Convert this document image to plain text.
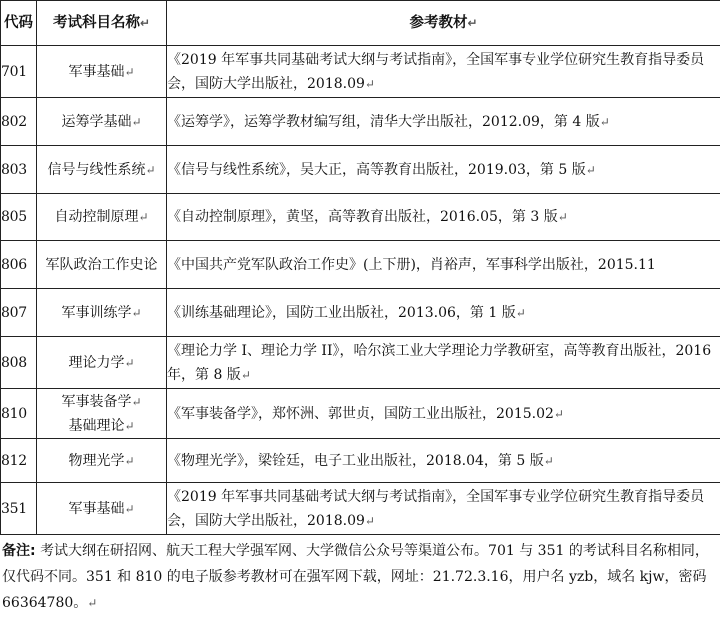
代码	考试科目名称↵	参考教材↵
701	军事基础↵	《2019 年军事共同基础考试大纲与考试指南》，全国军事专业学位研究生教育指导委员会，国防大学出版社，2018.09↵
802	运筹学基础↵	《运筹学》，运筹学教材编写组，清华大学出版社，2012.09，第 4 版↵
803	信号与线性系统↵	《信号与线性系统》，吴大正，高等教育出版社，2019.03，第 5 版↵
805	自动控制原理↵	《自动控制原理》，黄坚，高等教育出版社，2016.05，第 3 版↵
806	军队政治工作史论	《中国共产党军队政治工作史》(上下册)，肖裕声，军事科学出版社，2015.11
807	军事训练学↵	《训练基础理论》，国防工业出版社，2013.06，第 1 版↵
808	理论力学↵	《理论力学 I、理论力学 II》，哈尔滨工业大学理论力学教研室，高等教育出版社，2016 年，第 8 版↵
810	军事装备学↵
基础理论↵	《军事装备学》，郑怀洲、郭世贞，国防工业出版社，2015.02↵
812	物理光学↵	《物理光学》，梁铨廷，电子工业出版社，2018.04，第 5 版↵
351	军事基础↵	《2019 年军事共同基础考试大纲与考试指南》，全国军事专业学位研究生教育指导委员会，国防大学出版社，2018.09↵
备注: 考试大纲在研招网、航天工程大学强军网、大学微信公众号等渠道公布。701 与 351 的考试科目名称相同，仅代码不同。351 和 810 的电子版参考教材可在强军网下载，网址：21.72.3.16，用户名 yzb，域名 kjw，密码 66364780。↵
